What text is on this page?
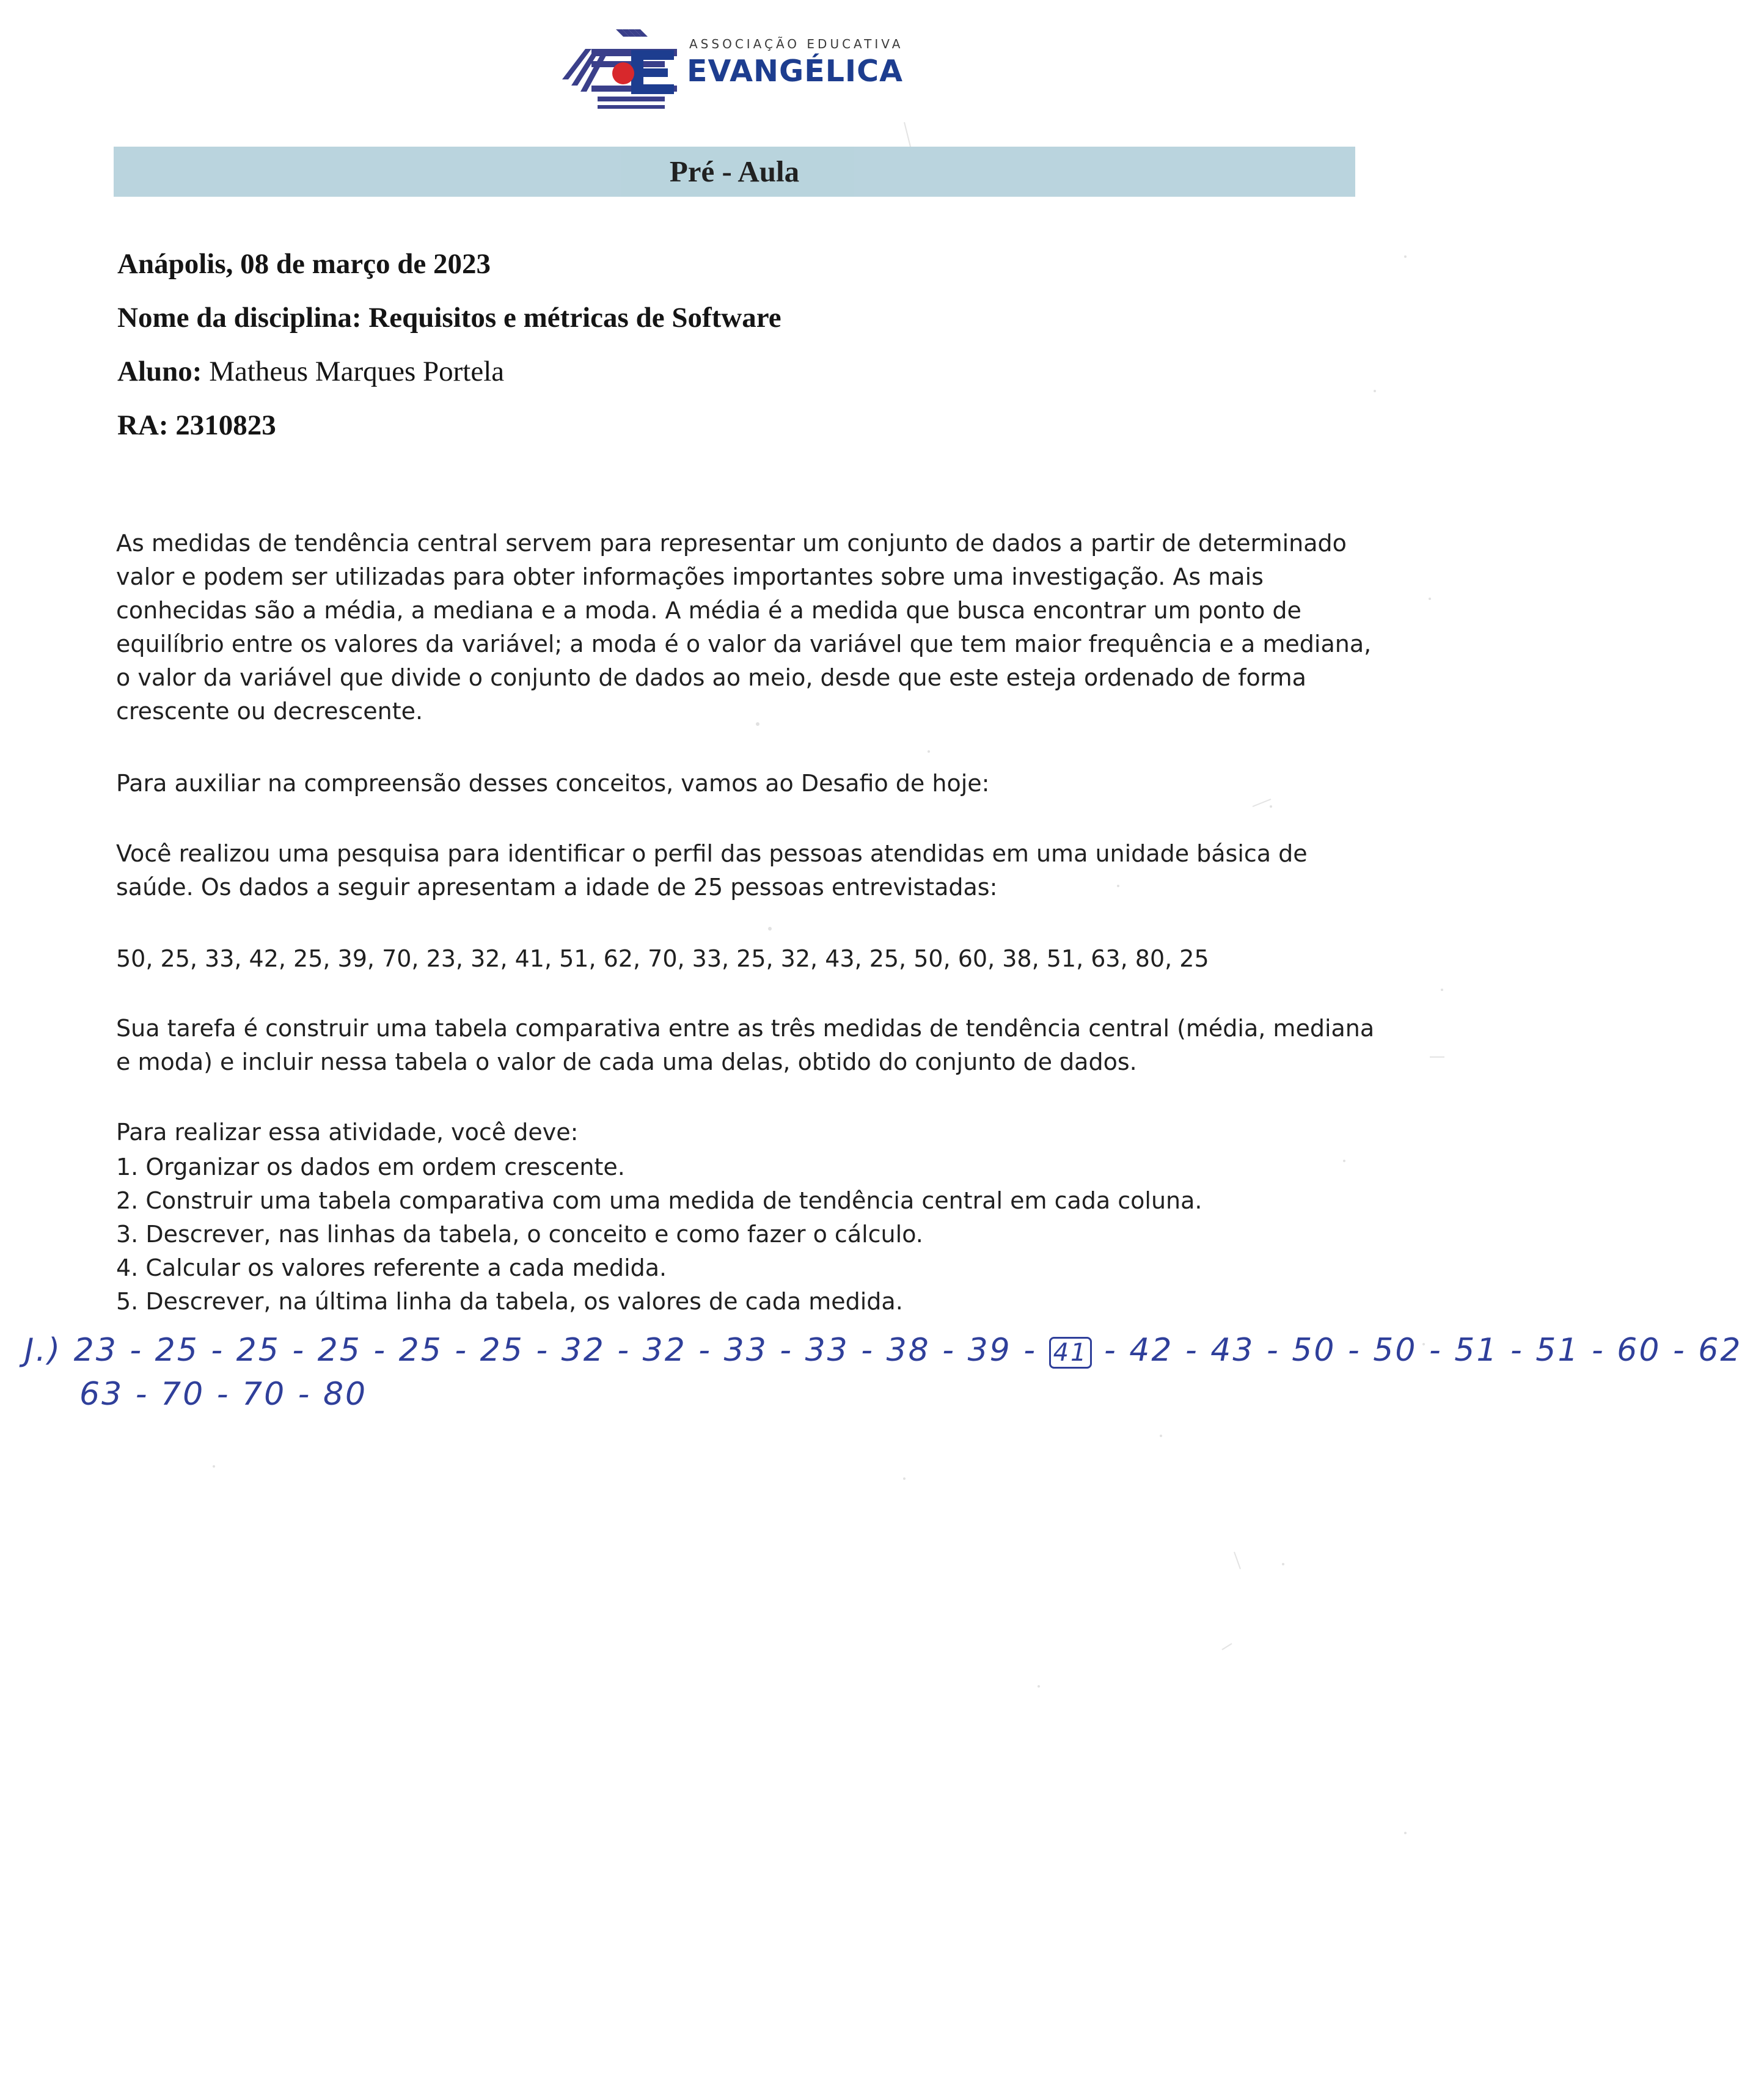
ASSOCIAÇÃO EDUCATIVA
EVANGÉLICA
Pré - Aula
Anápolis, 08 de março de 2023
Nome da disciplina: Requisitos e métricas de Software
Aluno: Matheus Marques Portela
RA: 2310823
As medidas de tendência central servem para representar um conjunto de dados a partir de determinado
valor e podem ser utilizadas para obter informações importantes sobre uma investigação. As mais
conhecidas são a média, a mediana e a moda. A média é a medida que busca encontrar um ponto de
equilíbrio entre os valores da variável; a moda é o valor da variável que tem maior frequência e a mediana,
o valor da variável que divide o conjunto de dados ao meio, desde que este esteja ordenado de forma
crescente ou decrescente.
Para auxiliar na compreensão desses conceitos, vamos ao Desafio de hoje:
Você realizou uma pesquisa para identificar o perfil das pessoas atendidas em uma unidade básica de
saúde. Os dados a seguir apresentam a idade de 25 pessoas entrevistadas:
50, 25, 33, 42, 25, 39, 70, 23, 32, 41, 51, 62, 70, 33, 25, 32, 43, 25, 50, 60, 38, 51, 63, 80, 25
Sua tarefa é construir uma tabela comparativa entre as três medidas de tendência central (média, mediana
e moda) e incluir nessa tabela o valor de cada uma delas, obtido do conjunto de dados.
Para realizar essa atividade, você deve:
1. Organizar os dados em ordem crescente.
2. Construir uma tabela comparativa com uma medida de tendência central em cada coluna.
3. Descrever, nas linhas da tabela, o conceito e como fazer o cálculo.
4. Calcular os valores referente a cada medida.
5. Descrever, na última linha da tabela, os valores de cada medida.
J.) 23 - 25 - 25 - 25 - 25 - 25 - 32 - 32 - 33 - 33 - 38 - 39 - 41 - 42 - 43 - 50 - 50 - 51 - 51 - 60 - 62
63 - 70 - 70 - 80
